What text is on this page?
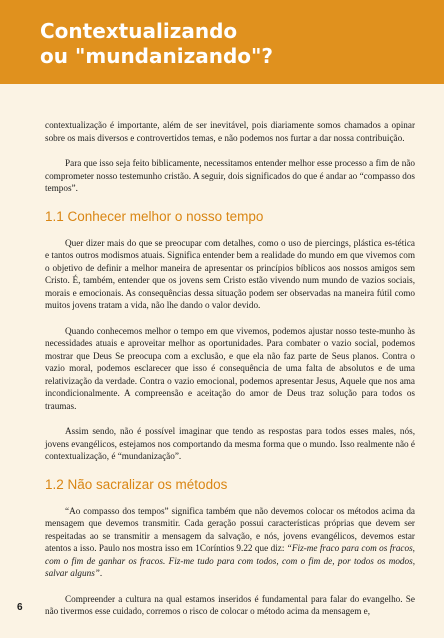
Contextualizando
ou "mundanizando"?

contextualização é importante, além de ser inevitável, pois diariamente somos chamados a opinar sobre os mais diversos e controvertidos temas, e não podemos nos furtar a dar nossa contribuição.

Para que isso seja feito biblicamente, necessitamos entender melhor esse processo a fim de não comprometer nosso testemunho cristão. A seguir, dois significados do que é andar ao “compasso dos tempos”.

1.1 Conhecer melhor o nosso tempo

Quer dizer mais do que se preocupar com detalhes, como o uso de piercings, plástica es-tética e tantos outros modismos atuais. Significa entender bem a realidade do mundo em que vivemos com o objetivo de definir a melhor maneira de apresentar os princípios bíblicos aos nossos amigos sem Cristo. É, também, entender que os jovens sem Cristo estão vivendo num mundo de vazios sociais, morais e emocionais. As consequências dessa situação podem ser observadas na maneira fútil como muitos jovens tratam a vida, não lhe dando o valor devido.

Quando conhecemos melhor o tempo em que vivemos, podemos ajustar nosso teste-munho às necessidades atuais e aproveitar melhor as oportunidades. Para combater o vazio social, podemos mostrar que Deus Se preocupa com a exclusão, e que ela não faz parte de Seus planos. Contra o vazio moral, podemos esclarecer que isso é consequência de uma falta de absolutos e de uma relativização da verdade. Contra o vazio emocional, podemos apresentar Jesus, Aquele que nos ama incondicionalmente. A compreensão e aceitação do amor de Deus traz solução para todos os traumas.

Assim sendo, não é possível imaginar que tendo as respostas para todos esses males, nós, jovens evangélicos, estejamos nos comportando da mesma forma que o mundo. Isso realmente não é contextualização, é “mundanização”.

1.2 Não sacralizar os métodos

“Ao compasso dos tempos” significa também que não devemos colocar os métodos acima da mensagem que devemos transmitir. Cada geração possui características próprias que devem ser respeitadas ao se transmitir a mensagem da salvação, e nós, jovens evangélicos, devemos estar atentos a isso. Paulo nos mostra isso em 1Coríntios 9.22 que diz: “Fiz-me fraco para com os fracos, com o fim de ganhar os fracos. Fiz-me tudo para com todos, com o fim de, por todos os modos, salvar alguns”.

Compreender a cultura na qual estamos inseridos é fundamental para falar do evangelho. Se não tivermos esse cuidado, corremos o risco de colocar o método acima da mensagem e,

6
